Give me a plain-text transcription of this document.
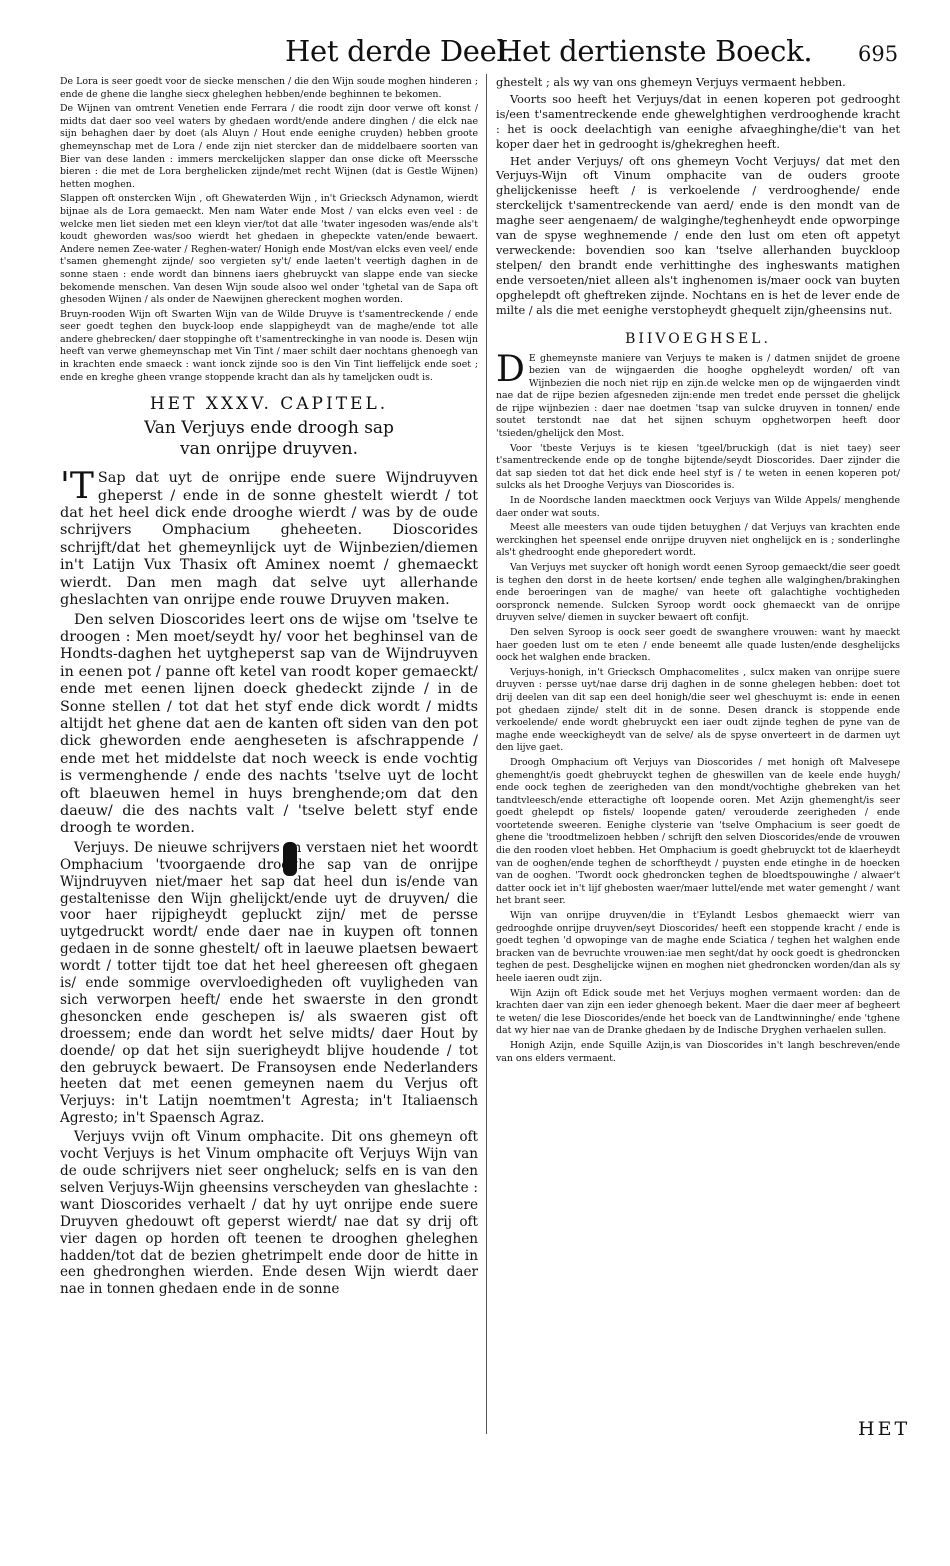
Het derde Deel.
Het dertienste Boeck. 695

De Lora is seer goedt voor de siecke menschen / die den Wijn soude moghen hinderen ; ende de ghene die langhe siecx gheleghen hebben/ende beghinnen te bekomen.

De Wijnen van omtrent Venetien ende Ferrara / die roodt zijn door verwe oft konst / midts dat daer soo veel waters by ghedaen wordt/ende andere dinghen / die elck nae sijn behaghen daer by doet (als Aluyn / Hout ende eenighe cruyden) hebben groote ghemeynschap met de Lora / ende zijn niet stercker dan de middelbaere soorten van Bier van dese landen : immers merckelijcken slapper dan onse dicke oft Meerssche bieren : die met de Lora berghelicken zijnde/met recht Wijnen (dat is Gestle Wijnen) hetten moghen.

Slappen oft onstercken Wijn , oft Ghewaterden Wijn , in't Griecksch Adynamon, wierdt bijnae als de Lora gemaeckt. Men nam Water ende Most / van elcks even veel : de welcke men liet sieden met een kleyn vier/tot dat alle 'twater ingesoden was/ende als't koudt gheworden was/soo wierdt het ghedaen in ghepeckte vaten/ende bewaert. Andere nemen Zee-water / Reghen-water/ Honigh ende Most/van elcks even veel/ ende t'samen ghemenght zijnde/ soo vergieten sy't/ ende laeten't veertigh daghen in de sonne staen : ende wordt dan binnens iaers ghebruyckt van slappe ende van siecke bekomende menschen. Van desen Wijn soude alsoo wel onder 'tghetal van de Sapa oft ghesoden Wijnen / als onder de Naewijnen ghereckent moghen worden.

Bruyn-rooden Wijn oft Swarten Wijn van de Wilde Druyve is t'samentreckende / ende seer goedt teghen den buyck-loop ende slappigheydt van de maghe/ende tot alle andere ghebrecken/ daer stoppinghe oft t'samentreckinghe in van noode is. Desen wijn heeft van verwe ghemeynschap met Vin Tint / maer schilt daer nochtans ghenoegh van in krachten ende smaeck : want ionck zijnde soo is den Vin Tint lieffelijck ende soet ; ende en kreghe gheen vrange stoppende kracht dan als hy tameljcken oudt is.

HET XXXV. CAPITEL.
Van Verjuys ende droogh sap
van onrijpe druyven.

'T Sap dat uyt de onrijpe ende suere Wijndruyven gheperst / ende in de sonne ghestelt wierdt / tot dat het heel dick ende drooghe wierdt / was by de oude schrijvers Omphacium gheheeten. Dioscorides schrijft/dat het ghemeynlijck uyt de Wijnbezien/diemen in't Latijn Vux Thasix oft Aminex noemt / ghemaeckt wierdt. Dan men magh dat selve uyt allerhande gheslachten van onrijpe ende rouwe Druyven maken.

Den selven Dioscorides leert ons de wijse om 'tselve te droogen : Men moet/seydt hy/ voor het beghinsel van de Hondts-daghen het uytgheperst sap van de Wijndruyven in eenen pot / panne oft ketel van roodt koper gemaeckt/ ende met eenen lijnen doeck ghedeckt zijnde / in de Sonne stellen / tot dat het styf ende dick wordt / midts altijdt het ghene dat aen de kanten oft siden van den pot dick gheworden ende aengheseten is afschrappende / ende met het middelste dat noch weeck is ende vochtig is vermenghende / ende des nachts 'tselve uyt de locht oft blaeuwen hemel in huys brenghende;om dat den daeuw/ die des nachts valt / 'tselve belett styf ende droogh te worden.

Verjuys. De nieuwe schrijvers en verstaen niet het woordt Omphacium 'tvoorgaende drooghe sap van de onrijpe Wijndruyven niet/maer het sap dat heel dun is/ende van gestaltenisse den Wijn ghelijckt/ende uyt de druyven/ die voor haer rijpigheydt gepluckt zijn/ met de persse uytgedruckt wordt/ ende daer nae in kuypen oft tonnen gedaen in de sonne ghestelt/ oft in laeuwe plaetsen bewaert wordt / totter tijdt toe dat het heel ghereesen oft ghegaen is/ ende sommige overvloedigheden oft vuyligheden van sich verworpen heeft/ ende het swaerste in den grondt ghesoncken ende geschepen is/ als swaeren gist oft droessem; ende dan wordt het selve midts/ daer Hout by doende/ op dat het sijn suerigheydt blijve houdende / tot den gebruyck bewaert. De Fransoysen ende Nederlanders heeten dat met eenen gemeynen naem du Verjus oft Verjuys: in't Latijn noemtmen't Agresta; in't Italiaensch Agresto; in't Spaensch Agraz.

Verjuys vvijn oft Vinum omphacite. Dit ons ghemeyn oft vocht Verjuys is het Vinum omphacite oft Verjuys Wijn van de oude schrijvers niet seer ongheluck; selfs en is van den selven Verjuys-Wijn gheensins verscheyden van gheslachte : want Dioscorides verhaelt / dat hy uyt onrijpe ende suere Druyven ghedouwt oft geperst wierdt/ nae dat sy drij oft vier dagen op horden oft teenen te drooghen gheleghen hadden/tot dat de bezien ghetrimpelt ende door de hitte in een ghedronghen wierden. Ende desen Wijn wierdt daer nae in tonnen ghedaen ende in de sonne

ghestelt ; als wy van ons ghemeyn Verjuys vermaent hebben.

Voorts soo heeft het Verjuys/dat in eenen koperen pot gedrooght is/een t'samentreckende ende ghewelghtighen verdrooghende kracht : het is oock deelachtigh van eenighe afvaeghinghe/die't van het koper daer het in gedrooght is/ghekreghen heeft.

Het ander Verjuys/ oft ons ghemeyn Vocht Verjuys/ dat met den Verjuys-Wijn oft Vinum omphacite van de ouders groote ghelijckenisse heeft / is verkoelende / verdrooghende/ ende sterckelijck t'samentreckende van aerd/ ende is den mondt van de maghe seer aengenaem/ de walginghe/teghenheydt ende opworpinge van de spyse weghnemende / ende den lust om eten oft appetyt verweckende: bovendien soo kan 'tselve allerhanden buyckloop stelpen/ den brandt ende verhittinghe des ingheswants matighen ende versoeten/niet alleen als't inghenomen is/maer oock van buyten opghelepdt oft gheftreken zijnde. Nochtans en is het de lever ende de milte / als die met eenighe verstopheydt ghequelt zijn/gheensins nut.

BIIVOEGHSEL.

D E ghemeynste maniere van Verjuys te maken is / datmen snijdet de groene bezien van de wijngaerden die hooghe opgheleydt worden/ oft van Wijnbezien die noch niet rijp en zijn.de welcke men op de wijngaerden vindt nae dat de rijpe bezien afgesneden zijn:ende men tredet ende persset die ghelijck de rijpe wijnbezien : daer nae doetmen 'tsap van sulcke druyven in tonnen/ ende soutet terstondt nae dat het sijnen schuym opghetworpen heeft door 'tsieden/ghelijck den Most.

Voor 'tbeste Verjuys is te kiesen 'tgeel/bruckigh (dat is niet taey) seer t'samentreckende ende op de tonghe bijtende/seydt Dioscorides. Daer zijnder die dat sap sieden tot dat het dick ende heel styf is / te weten in eenen koperen pot/ sulcks als het Drooghe Verjuys van Dioscorides is.

In de Noordsche landen maecktmen oock Verjuys van Wilde Appels/ menghende daer onder wat souts.

Meest alle meesters van oude tijden betuyghen / dat Verjuys van krachten ende werckinghen het speensel ende onrijpe druyven niet onghelijck en is ; sonderlinghe als't ghedrooght ende gheporedert wordt.

Van Verjuys met suycker oft honigh wordt eenen Syroop gemaeckt/die seer goedt is teghen den dorst in de heete kortsen/ ende teghen alle walginghen/brakinghen ende beroeringen van de maghe/ van heete oft galachtighe vochtigheden oorspronck nemende. Sulcken Syroop wordt oock ghemaeckt van de onrijpe druyven selve/ diemen in suycker bewaert oft confijt.

Den selven Syroop is oock seer goedt de swanghere vrouwen: want hy maeckt haer goeden lust om te eten / ende beneemt alle quade lusten/ende desghelijcks oock het walghen ende bracken.

Verjuys-honigh, in't Griecksch Omphacomelites , sulcx maken van onrijpe suere druyven : persse uyt/nae darse drij daghen in de sonne ghelegen hebben: doet tot drij deelen van dit sap een deel honigh/die seer wel gheschuymt is: ende in eenen pot ghedaen zijnde/ stelt dit in de sonne. Desen dranck is stoppende ende verkoelende/ ende wordt ghebruyckt een iaer oudt zijnde teghen de pyne van de maghe ende weeckigheydt van de selve/ als de spyse onverteert in de darmen uyt den lijve gaet.

Droogh Omphacium oft Verjuys van Dioscorides / met honigh oft Malvesepe ghemenght/is goedt ghebruyckt teghen de gheswillen van de keele ende huygh/ ende oock teghen de zeerigheden van den mondt/vochtighe ghebreken van het tandtvleesch/ende etteractighe oft loopende ooren. Met Azijn ghemenght/is seer goedt ghelepdt op fistels/ loopende gaten/ verouderde zeerigheden / ende voortetende sweeren. Eenighe clysterie van 'tselve Omphacium is seer goedt de ghene die 'troodtmelizoen hebben / schrijft den selven Dioscorides/ende de vrouwen die den rooden vloet hebben. Het Omphacium is goedt ghebruyckt tot de klaerheydt van de ooghen/ende teghen de schorftheydt / puysten ende etinghe in de hoecken van de ooghen. 'Twordt oock ghedroncken teghen de bloedtspouwinghe / alwaer't datter oock iet in't lijf ghebosten waer/maer luttel/ende met water gemenght / want het brant seer.

Wijn van onrijpe druyven/die in t'Eylandt Lesbos ghemaeckt wierr van gedrooghde onrijpe druyven/seyt Dioscorides/ heeft een stoppende kracht / ende is goedt teghen 'd opwopinge van de maghe ende Sciatica / teghen het walghen ende bracken van de bevruchte vrouwen:iae men seght/dat hy oock goedt is ghedroncken teghen de pest. Desghelijcke wijnen en moghen niet ghedroncken worden/dan als sy heele iaeren oudt zijn.

Wijn Azijn oft Edick soude met het Verjuys moghen vermaent worden: dan de krachten daer van zijn een ieder ghenoegh bekent. Maer die daer meer af begheert te weten/ die lese Dioscorides/ende het boeck van de Landtwinninghe/ ende 'tghene dat wy hier nae van de Dranke ghedaen by de Indische Dryghen verhaelen sullen.

Honigh Azijn, ende Squille Azijn,is van Dioscorides in't langh beschreven/ende van ons elders vermaent.

HET
